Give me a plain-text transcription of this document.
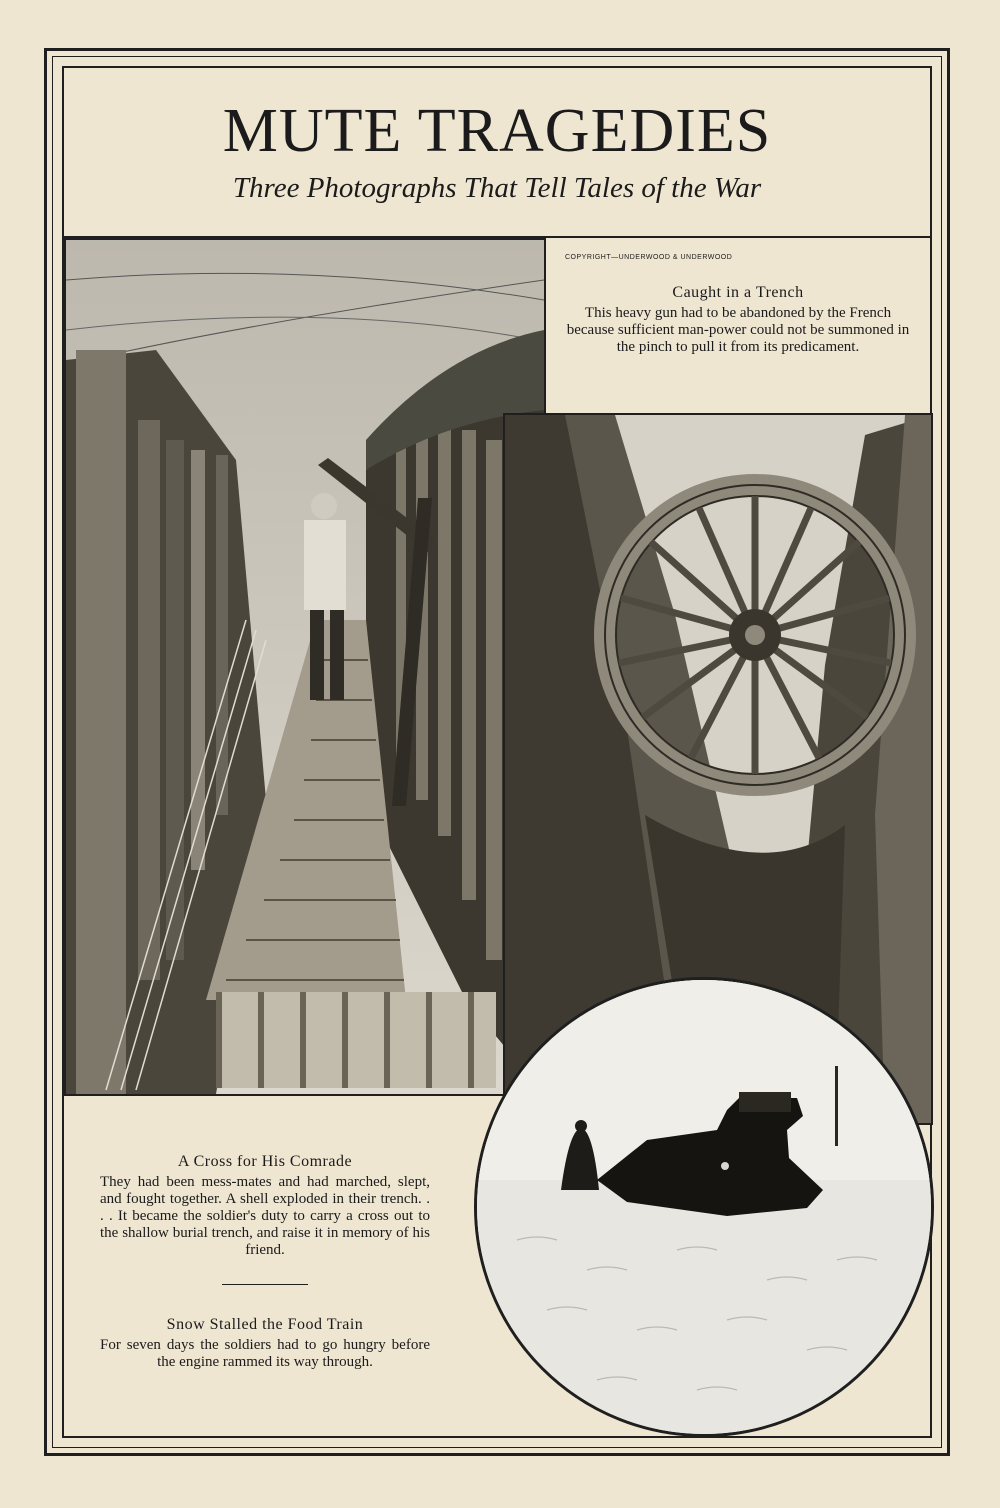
MUTE TRAGEDIES
Three Photographs That Tell Tales of the War
COPYRIGHT—UNDERWOOD & UNDERWOOD
Caught in a Trench
This heavy gun had to be abandoned by the French because sufficient man-power could not be summoned in the pinch to pull it from its predicament.
A Cross for His Comrade
They had been mess-mates and had marched, slept, and fought together. A shell exploded in their trench. . . . It became the soldier's duty to carry a cross out to the shallow burial trench, and raise it in memory of his friend.
Snow Stalled the Food Train
For seven days the soldiers had to go hungry before the engine rammed its way through.
